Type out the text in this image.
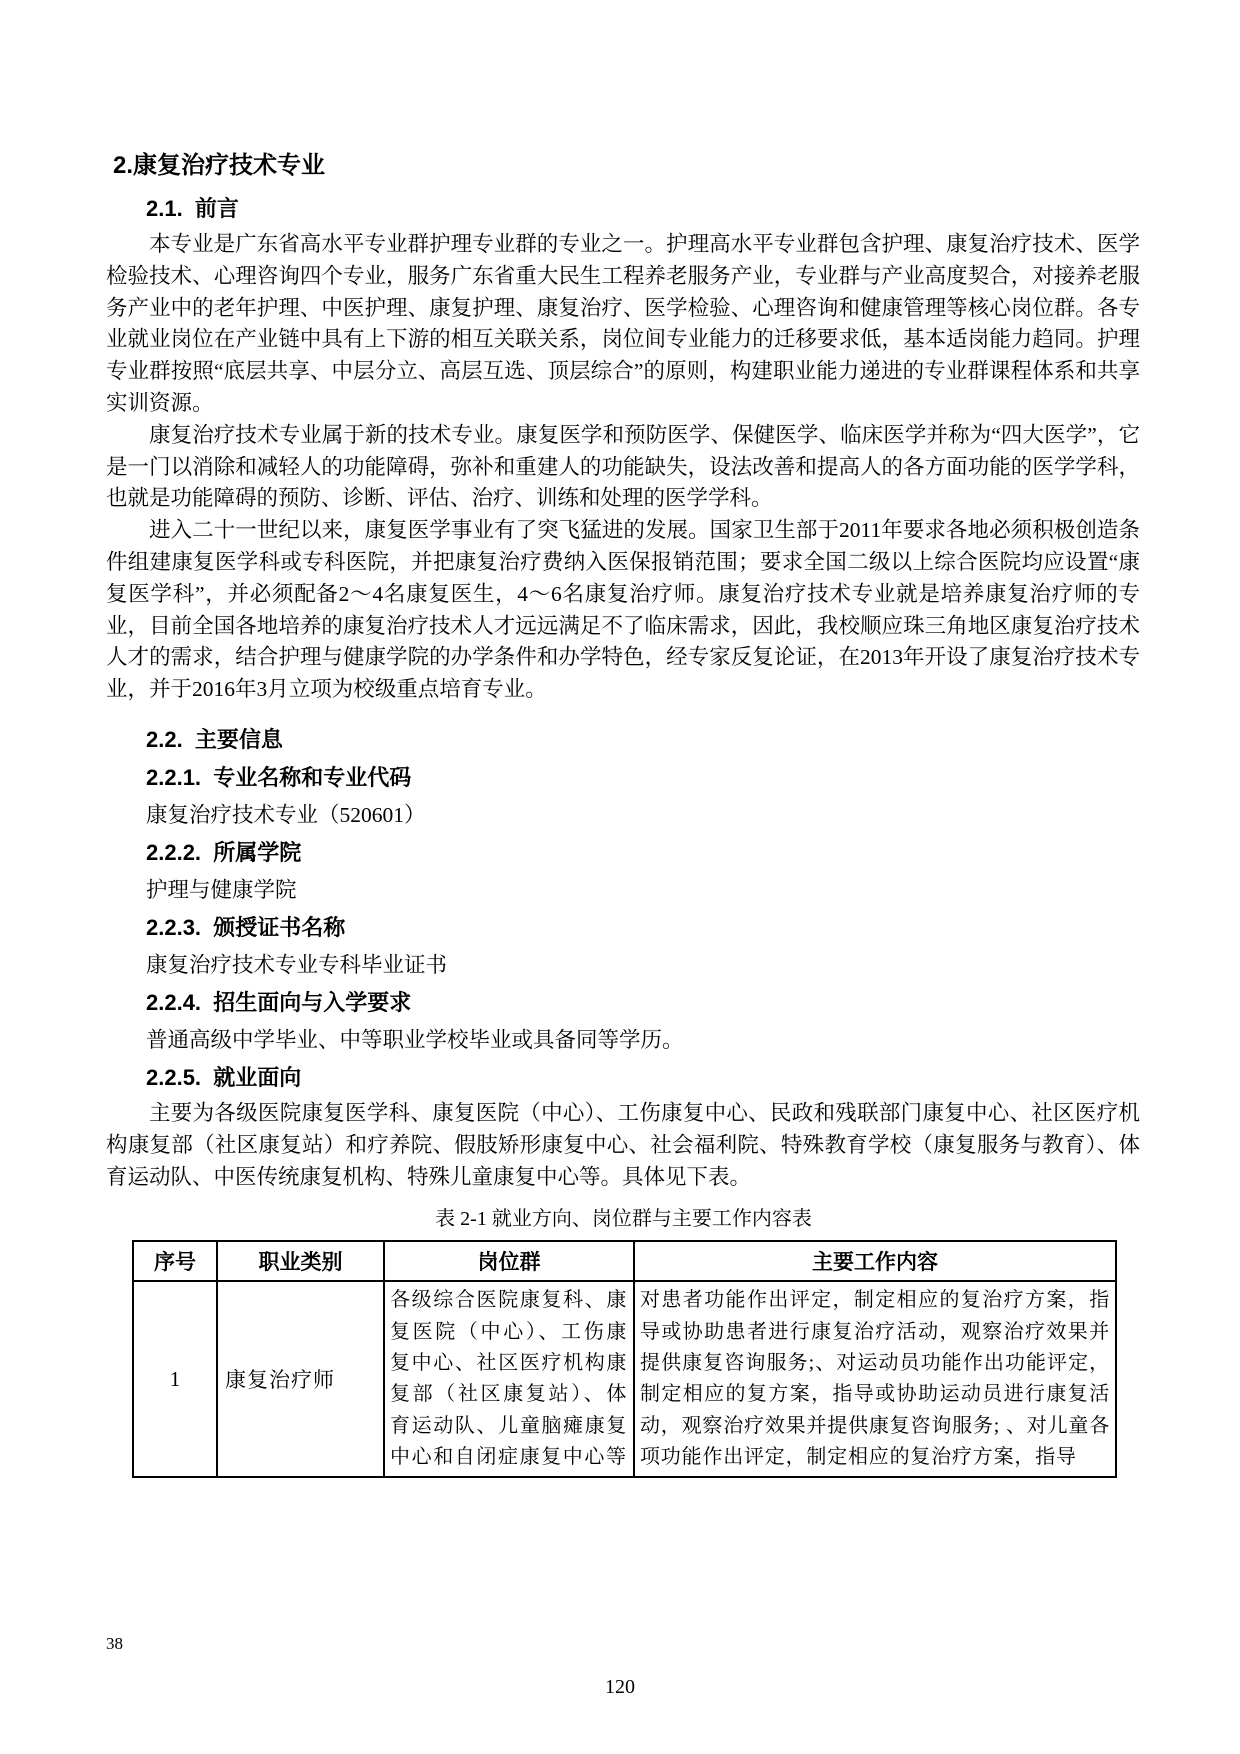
2.康复治疗技术专业
2.1.  前言

本专业是广东省高水平专业群护理专业群的专业之一。护理高水平专业群包含护理、康复治疗技术、医学检验技术、心理咨询四个专业，服务广东省重大民生工程养老服务产业，专业群与产业高度契合，对接养老服务产业中的老年护理、中医护理、康复护理、康复治疗、医学检验、心理咨询和健康管理等核心岗位群。各专业就业岗位在产业链中具有上下游的相互关联关系，岗位间专业能力的迁移要求低，基本适岗能力趋同。护理专业群按照“底层共享、中层分立、高层互选、顶层综合”的原则，构建职业能力递进的专业群课程体系和共享实训资源。

康复治疗技术专业属于新的技术专业。康复医学和预防医学、保健医学、临床医学并称为“四大医学”，它是一门以消除和减轻人的功能障碍，弥补和重建人的功能缺失，设法改善和提高人的各方面功能的医学学科，也就是功能障碍的预防、诊断、评估、治疗、训练和处理的医学学科。

进入二十一世纪以来，康复医学事业有了突飞猛进的发展。国家卫生部于2011年要求各地必须积极创造条件组建康复医学科或专科医院，并把康复治疗费纳入医保报销范围；要求全国二级以上综合医院均应设置“康复医学科”，并必须配备2～4名康复医生，4～6名康复治疗师。康复治疗技术专业就是培养康复治疗师的专业，目前全国各地培养的康复治疗技术人才远远满足不了临床需求，因此，我校顺应珠三角地区康复治疗技术人才的需求，结合护理与健康学院的办学条件和办学特色，经专家反复论证，在2013年开设了康复治疗技术专业，并于2016年3月立项为校级重点培育专业。

2.2.  主要信息
2.2.1.  专业名称和专业代码

康复治疗技术专业（520601）

2.2.2.  所属学院

护理与健康学院

2.2.3.  颁授证书名称

康复治疗技术专业专科毕业证书

2.2.4.  招生面向与入学要求

普通高级中学毕业、中等职业学校毕业或具备同等学历。

2.2.5.  就业面向

主要为各级医院康复医学科、康复医院（中心）、工伤康复中心、民政和残联部门康复中心、社区医疗机构康复部（社区康复站）和疗养院、假肢矫形康复中心、社会福利院、特殊教育学校（康复服务与教育）、体育运动队、中医传统康复机构、特殊儿童康复中心等。具体见下表。

表 2-1 就业方向、岗位群与主要工作内容表
序号	职业类别	岗位群	主要工作内容
1	康复治疗师	各级综合医院康复科、康复医院（中心）、工伤康复中心、社区医疗机构康复部（社区康复站）、体育运动队、儿童脑瘫康复中心和自闭症康复中心等	对患者功能作出评定，制定相应的复治疗方案，指导或协助患者进行康复治疗活动，观察治疗效果并提供康复咨询服务;、对运动员功能作出功能评定，制定相应的复方案，指导或协助运动员进行康复活动，观察治疗效果并提供康复咨询服务; 、对儿童各项功能作出评定，制定相应的复治疗方案，指导
38
120
